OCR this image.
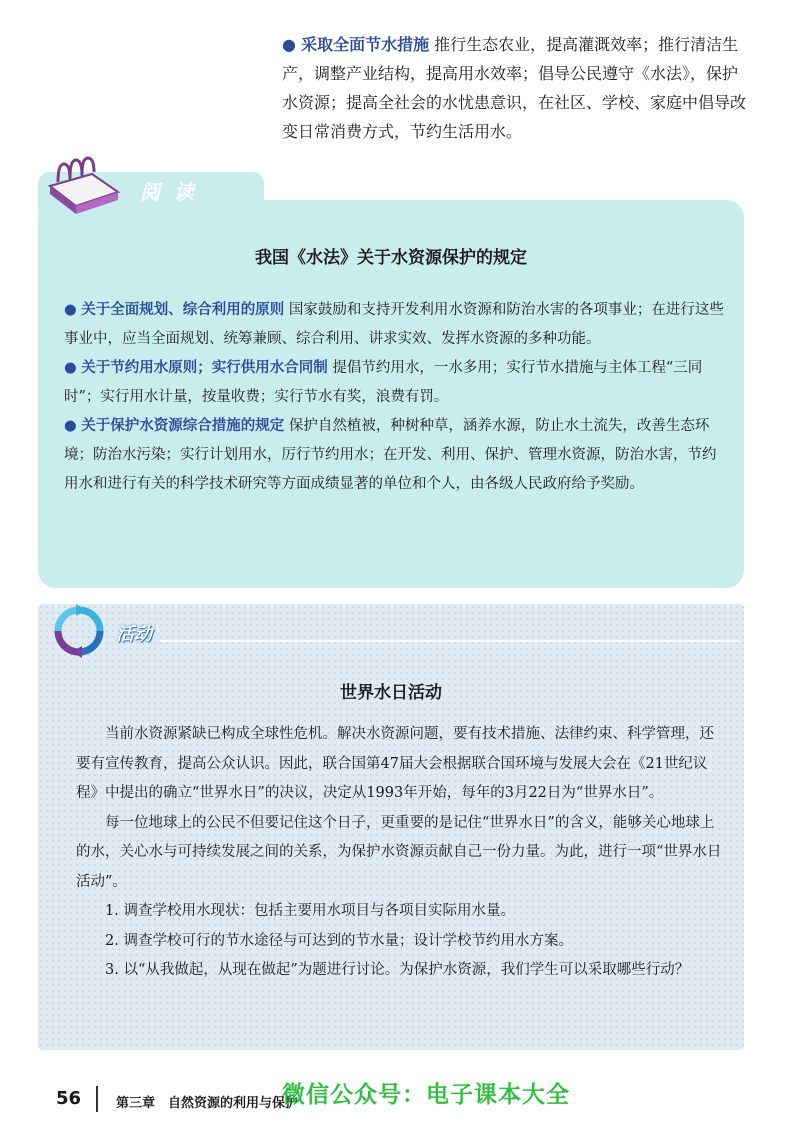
● 采取全面节水措施 推行生态农业，提高灌溉效率；推行清洁生产，调整产业结构，提高用水效率；倡导公民遵守《水法》，保护水资源；提高全社会的水忧患意识，在社区、学校、家庭中倡导改变日常消费方式，节约生活用水。
阅读
我国《水法》关于水资源保护的规定

● 关于全面规划、综合利用的原则 国家鼓励和支持开发利用水资源和防治水害的各项事业；在进行这些事业中，应当全面规划、统筹兼顾、综合利用、讲求实效、发挥水资源的多种功能。

● 关于节约用水原则；实行供用水合同制 提倡节约用水，一水多用；实行节水措施与主体工程“三同时”；实行用水计量，按量收费；实行节水有奖，浪费有罚。

● 关于保护水资源综合措施的规定 保护自然植被，种树种草，涵养水源，防止水土流失，改善生态环境；防治水污染；实行计划用水，厉行节约用水；在开发、利用、保护、管理水资源，防治水害，节约用水和进行有关的科学技术研究等方面成绩显著的单位和个人，由各级人民政府给予奖励。

活动
世界水日活动

当前水资源紧缺已构成全球性危机。解决水资源问题，要有技术措施、法律约束、科学管理，还要有宣传教育，提高公众认识。因此，联合国第47届大会根据联合国环境与发展大会在《21世纪议程》中提出的确立“世界水日”的决议，决定从1993年开始，每年的3月22日为“世界水日”。

每一位地球上的公民不但要记住这个日子，更重要的是记住“世界水日”的含义，能够关心地球上的水，关心水与可持续发展之间的关系，为保护水资源贡献自己一份力量。为此，进行一项“世界水日活动”。

1. 调查学校用水现状：包括主要用水项目与各项目实际用水量。

2. 调查学校可行的节水途径与可达到的节水量；设计学校节约用水方案。

3. 以“从我做起，从现在做起”为题进行讨论。为保护水资源，我们学生可以采取哪些行动？

56	第三章 自然资源的利用与保护
微信公众号：电子课本大全
